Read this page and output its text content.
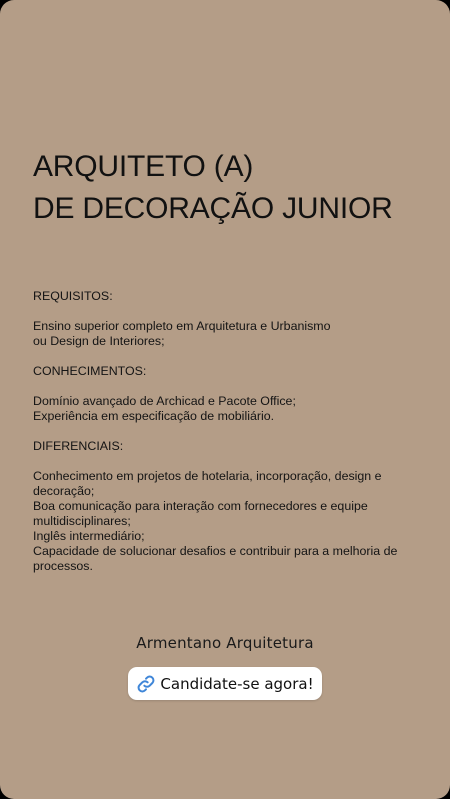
ARQUITETO (A)
DE DECORAÇÃO JUNIOR

REQUISITOS:

Ensino superior completo em Arquitetura e Urbanismo

ou Design de Interiores;

CONHECIMENTOS:

Domínio avançado de Archicad e Pacote Office;

Experiência em especificação de mobiliário.

DIFERENCIAIS:

Conhecimento em projetos de hotelaria, incorporação, design e decoração;

Boa comunicação para interação com fornecedores e equipe multidisciplinares;

Inglês intermediário;

Capacidade de solucionar desafios e contribuir para a melhoria de processos.

Armentano Arquitetura
Candidate-se agora!
